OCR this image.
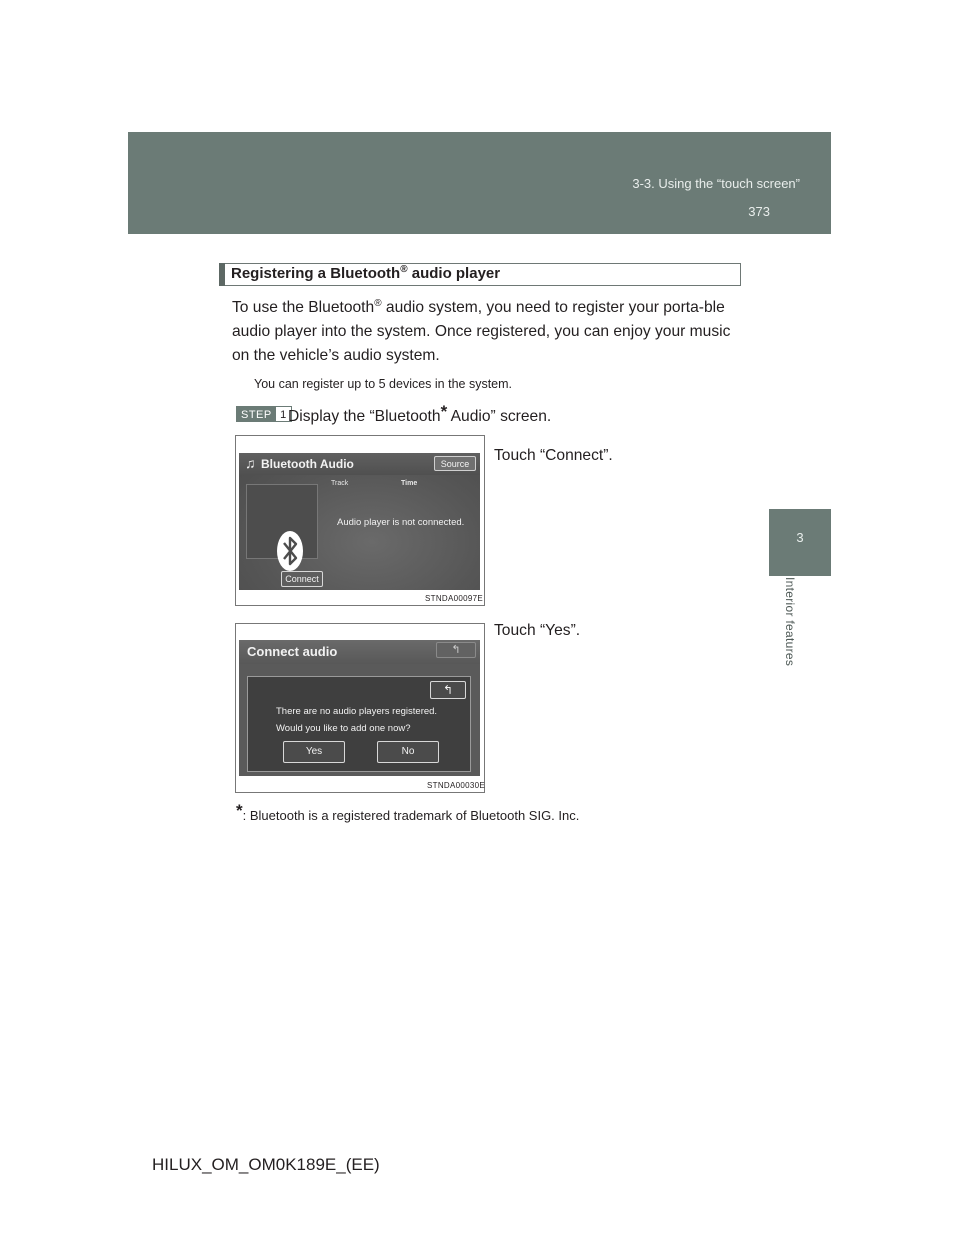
3-3. Using the “touch screen”
373
3
Interior features
Registering a Bluetooth® audio player
To use the Bluetooth® audio system, you need to register your porta-ble audio player into the system. Once registered, you can enjoy your music on the vehicle’s audio system.
You can register up to 5 devices in the system.
STEP 1 Display the “Bluetooth* Audio” screen.
Touch “Connect”.
♫ Bluetooth Audio	Source
Track	Time
Audio player is not connected.
Connect
STNDA00097E
Touch “Yes”.
Connect audio	↰
↰
There are no audio players registered.
Would you like to add one now?
Yes	No
STNDA00030E
*: Bluetooth is a registered trademark of Bluetooth SIG. Inc.
HILUX_OM_OM0K189E_(EE)
